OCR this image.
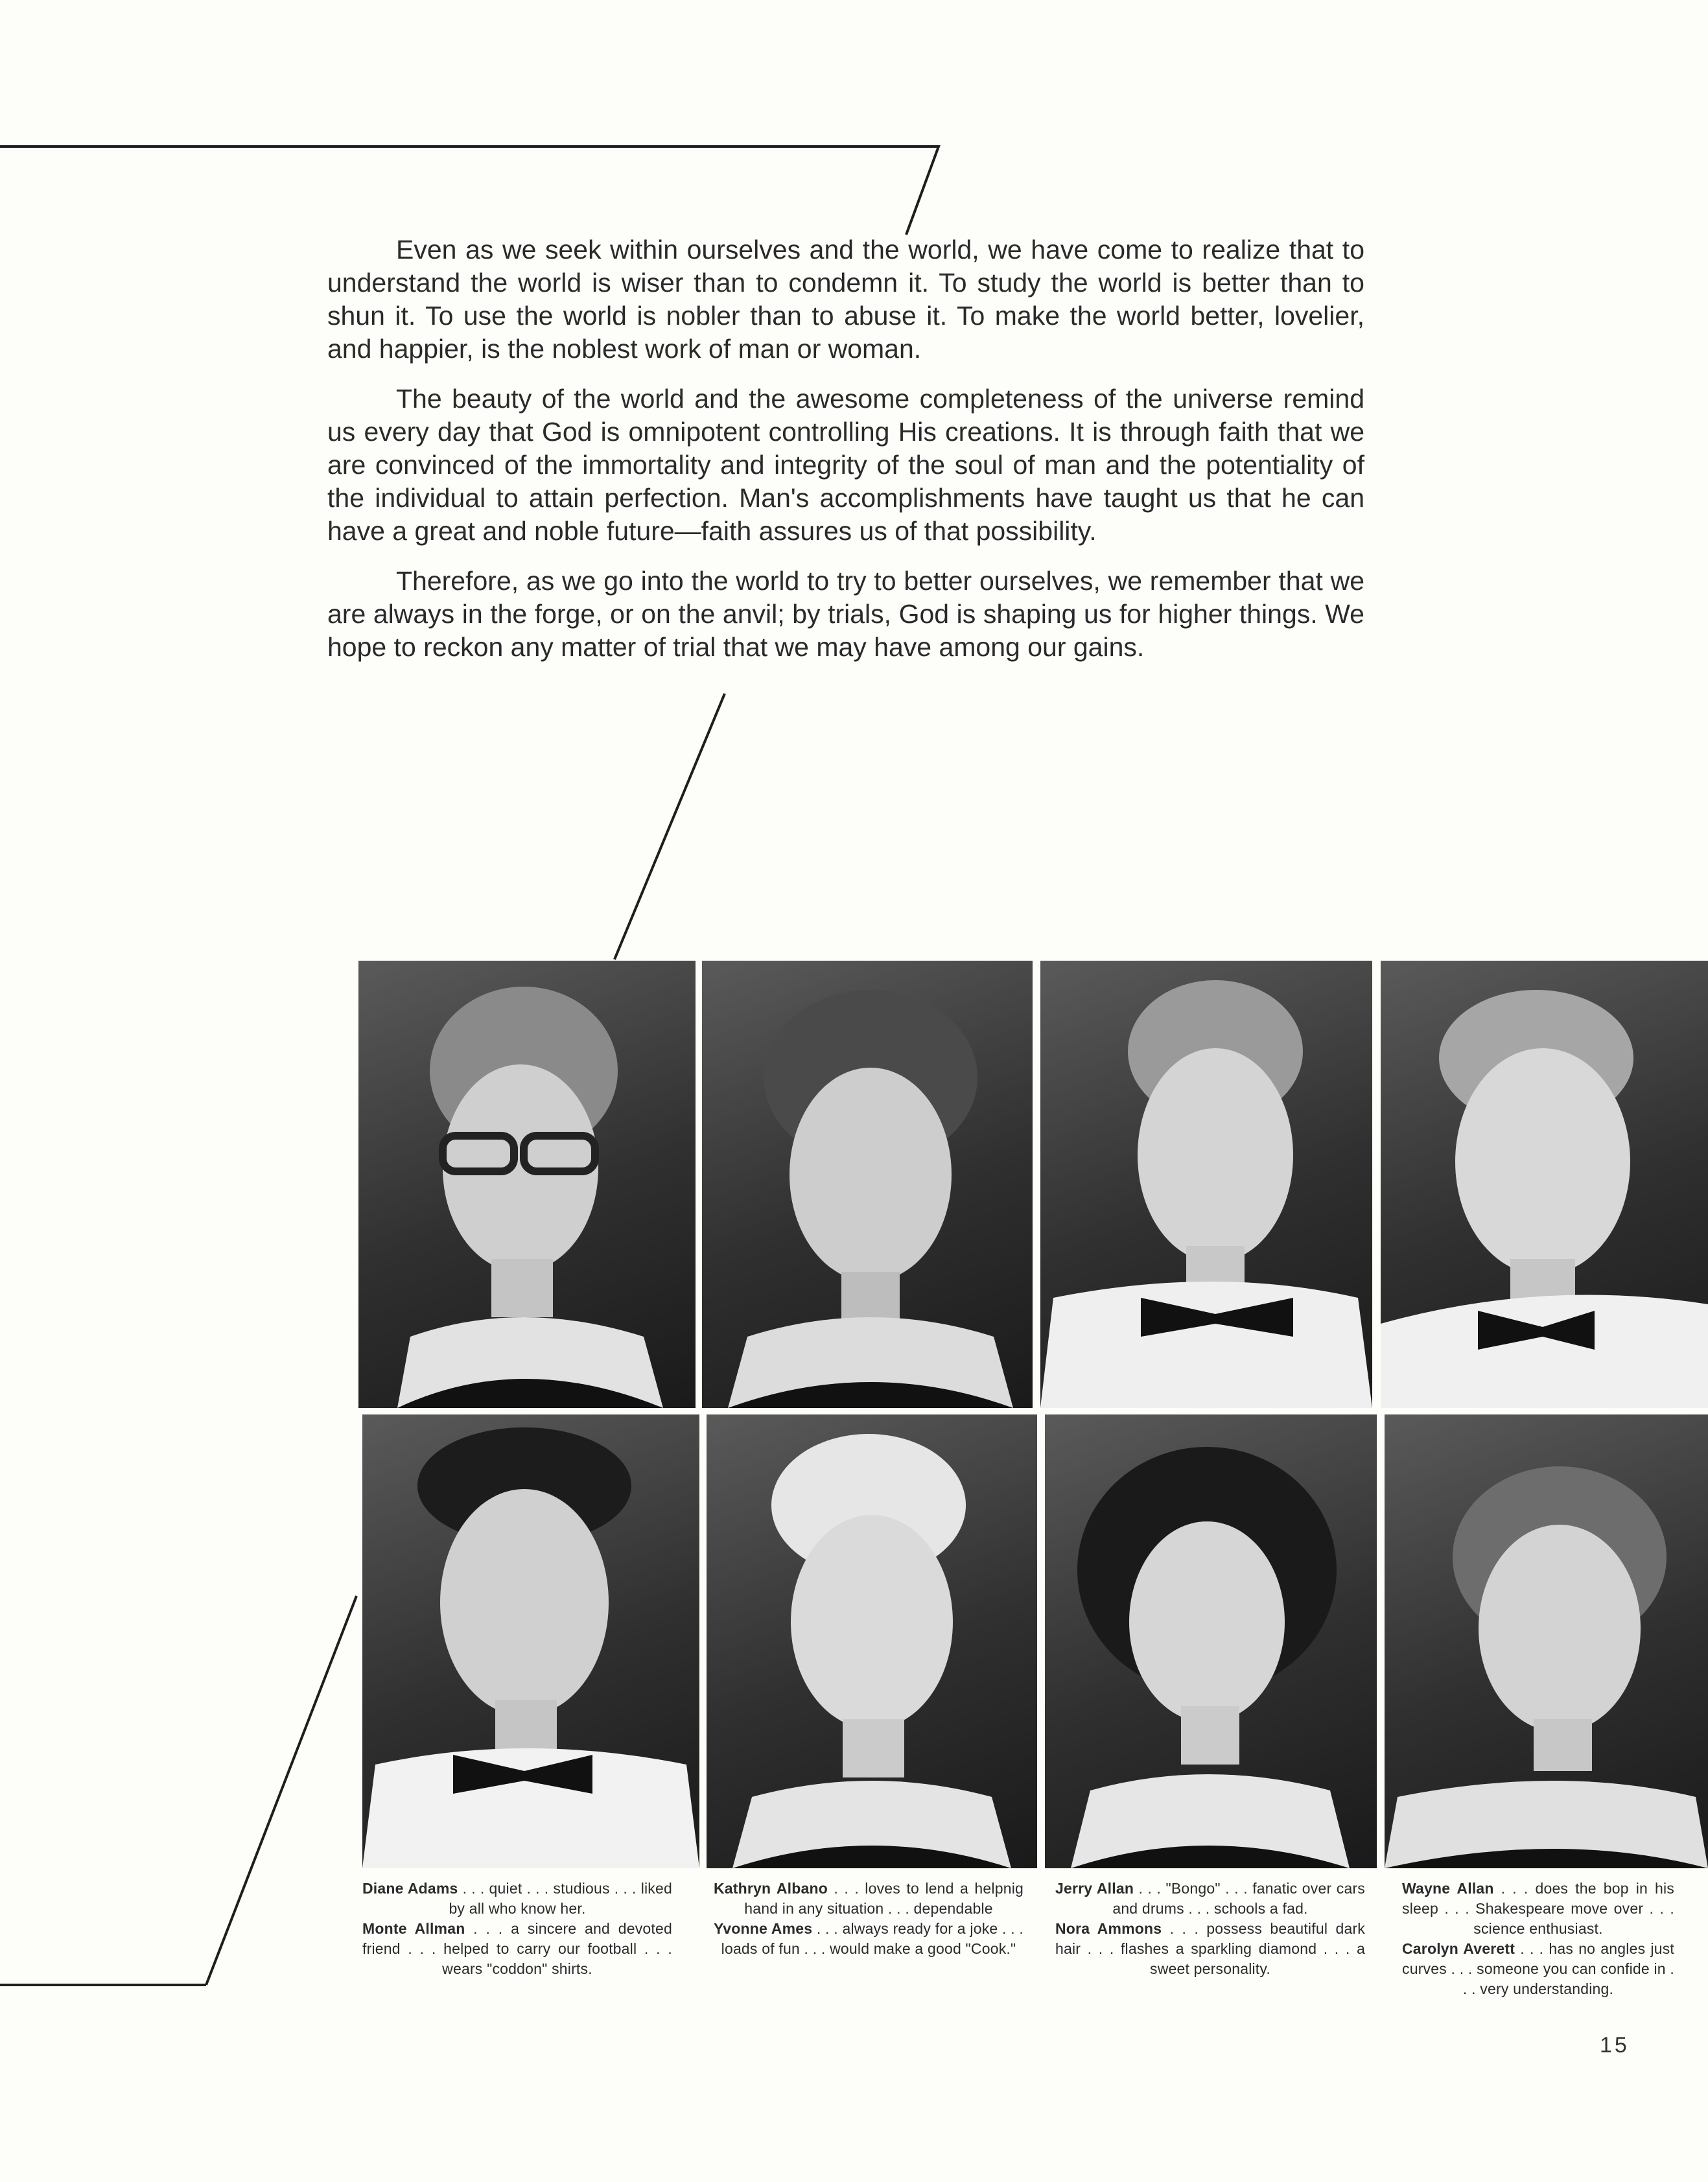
Even as we seek within ourselves and the world, we have come to realize that to understand the world is wiser than to condemn it. To study the world is better than to shun it. To use the world is nobler than to abuse it. To make the world better, lovelier, and happier, is the noblest work of man or woman.

The beauty of the world and the awesome completeness of the universe remind us every day that God is omnipotent controlling His creations. It is through faith that we are convinced of the immortality and integrity of the soul of man and the potentiality of the individual to attain perfection. Man's accomplishments have taught us that he can have a great and noble future—faith assures us of that possibility.

Therefore, as we go into the world to try to better ourselves, we remember that we are always in the forge, or on the anvil; by trials, God is shaping us for higher things. We hope to reckon any matter of trial that we may have among our gains.

Diane Adams . . . quiet . . . studious . . . liked by all who know her.

Monte Allman . . . a sincere and devoted friend . . . helped to carry our football . . . wears "coddon" shirts.

Kathryn Albano . . . loves to lend a helpnig hand in any situation . . . dependable

Yvonne Ames . . . always ready for a joke . . . loads of fun . . . would make a good "Cook."

Jerry Allan . . . "Bongo" . . . fanatic over cars and drums . . . schools a fad.

Nora Ammons . . . possess beautiful dark hair . . . flashes a sparkling diamond . . . a sweet personality.

Wayne Allan . . . does the bop in his sleep . . . Shakespeare move over . . . science enthusiast.

Carolyn Averett . . . has no angles just curves . . . someone you can confide in . . . very understanding.

15
